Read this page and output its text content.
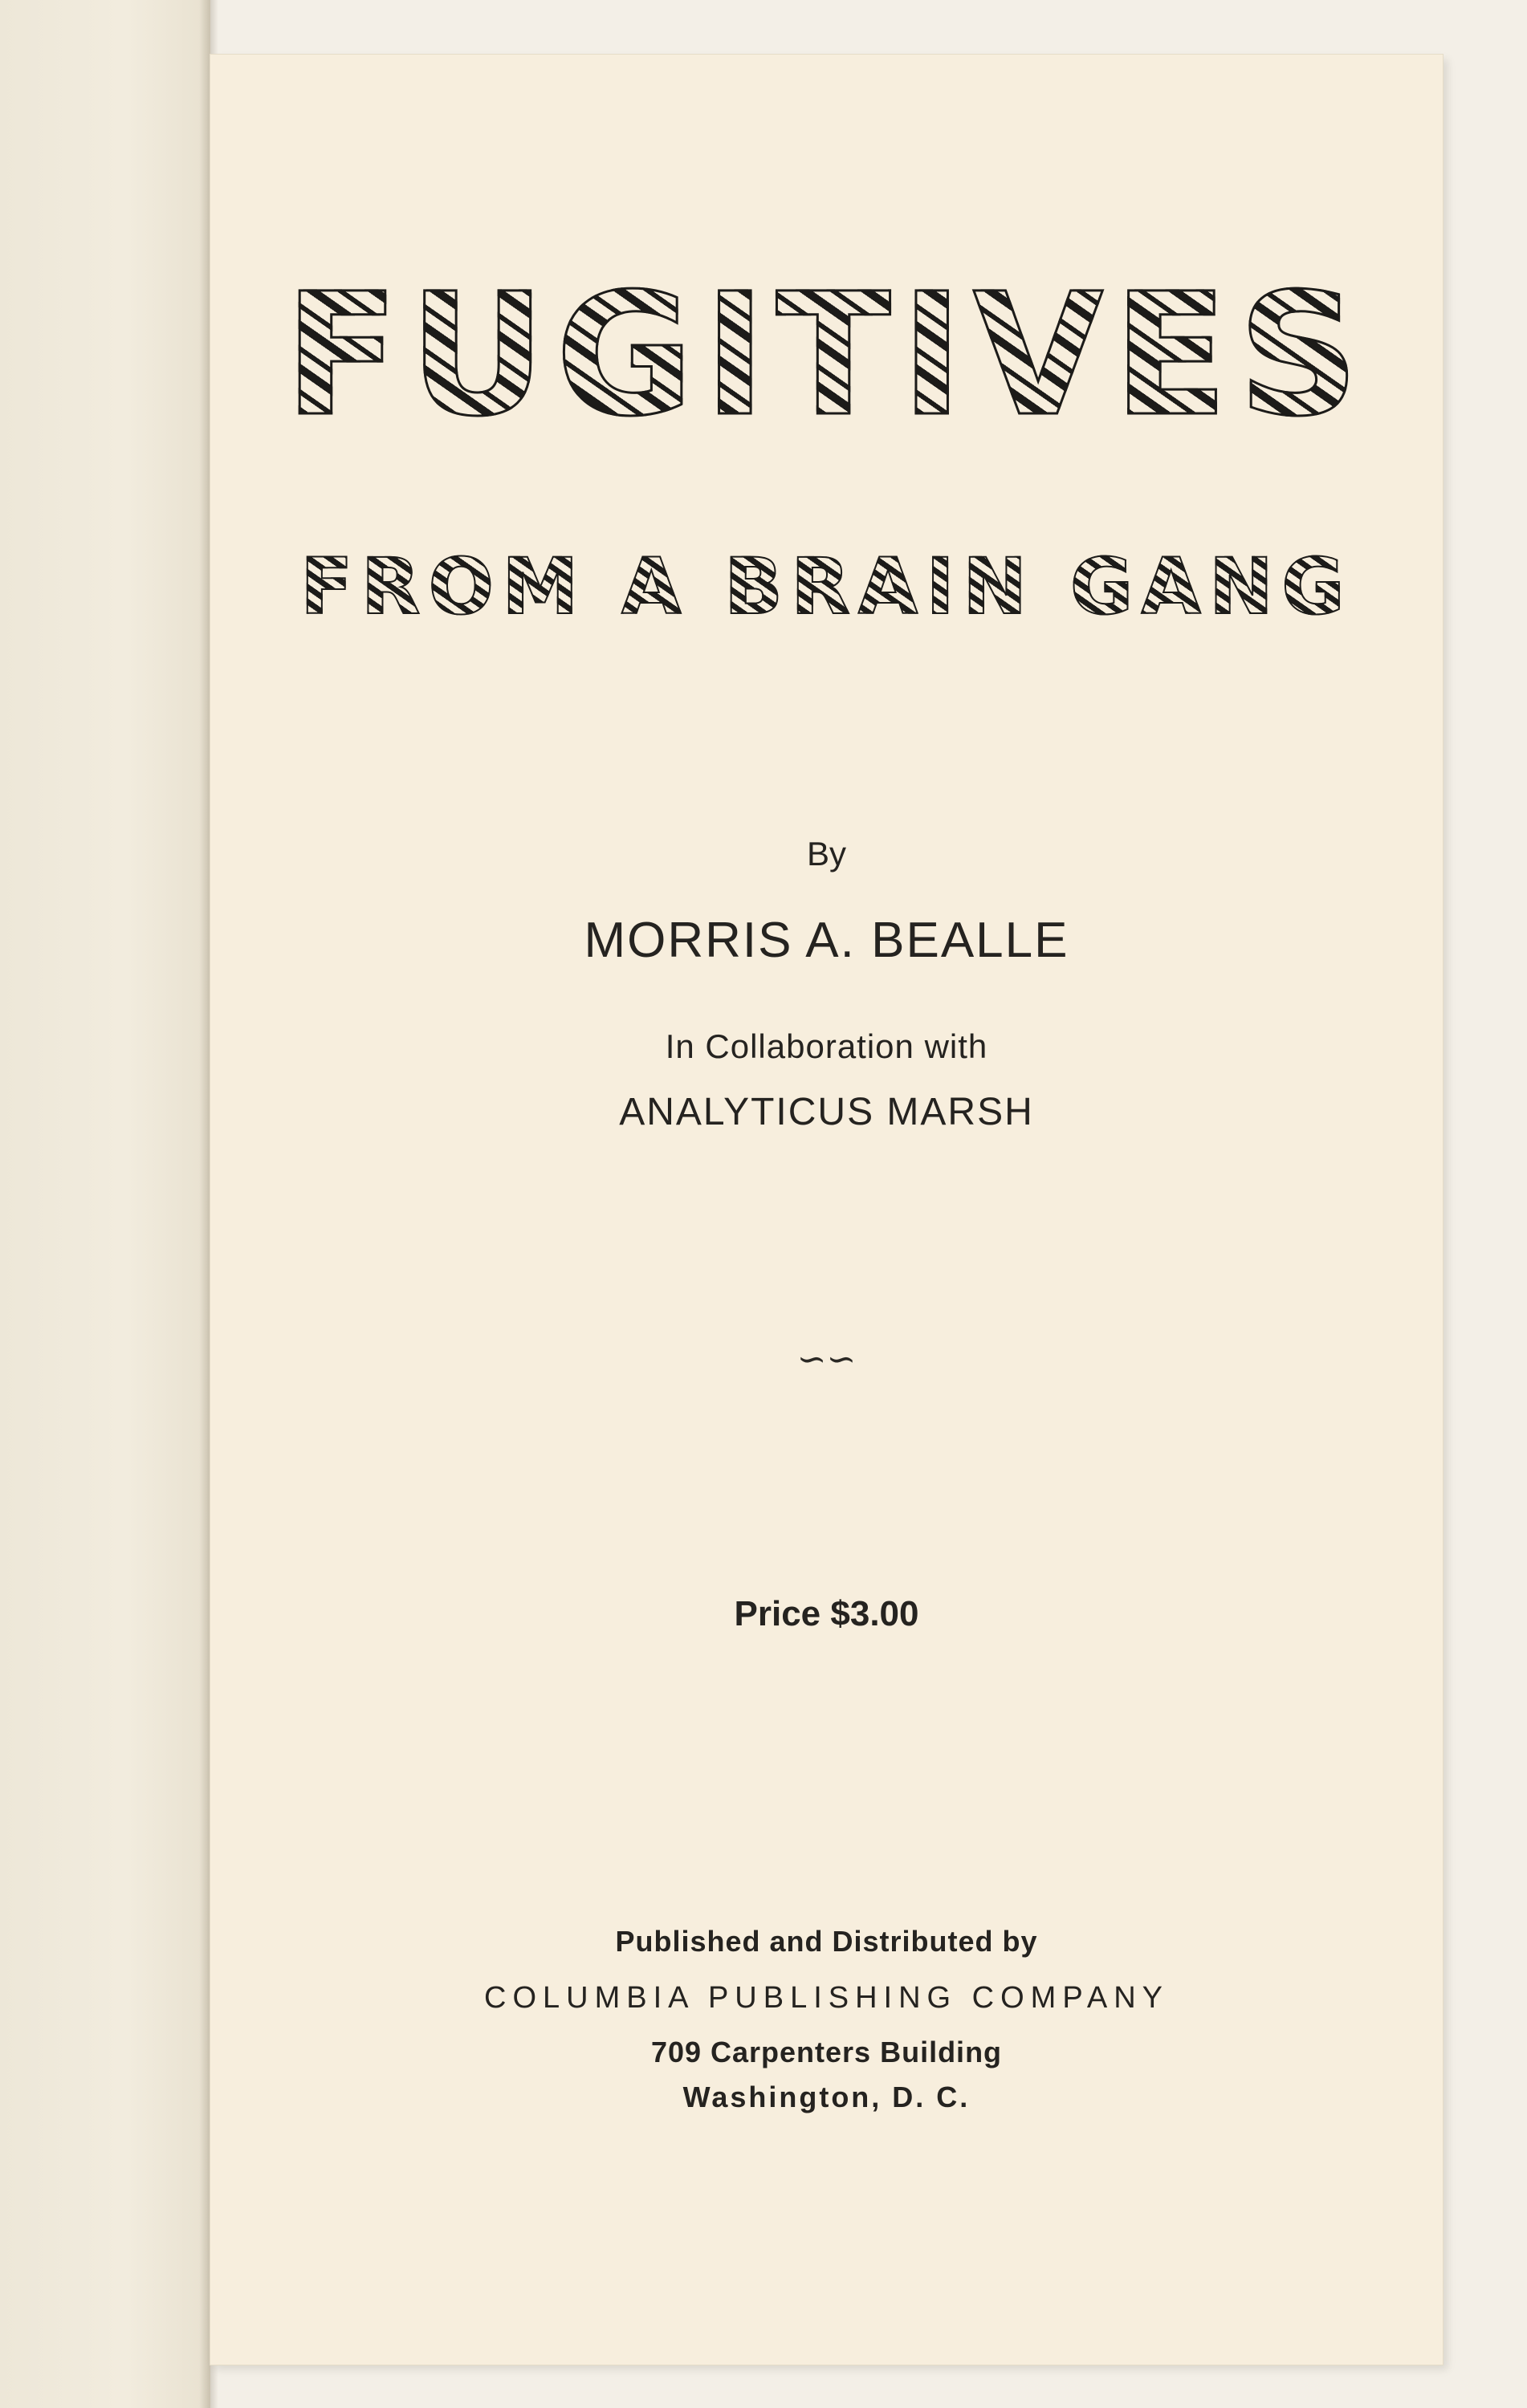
FUGITIVES
FROM A BRAIN GANG
By
MORRIS A. BEALLE
In Collaboration with
ANALYTICUS MARSH
∽∽
Price $3.00
Published and Distributed by
COLUMBIA PUBLISHING COMPANY
709 Carpenters Building
Washington, D. C.
